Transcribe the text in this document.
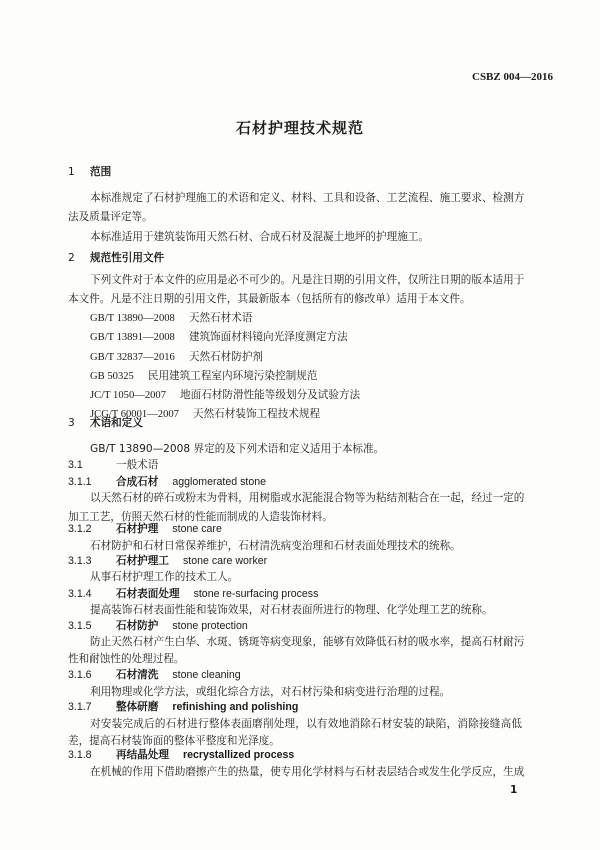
CSBZ 004—2016
石材护理技术规范
1 范围
本标准规定了石材护理施工的术语和定义、材料、工具和设备、工艺流程、施工要求、检测方
法及质量评定等。
本标准适用于建筑装饰用天然石材、合成石材及混凝土地坪的护理施工。
2 规范性引用文件
下列文件对于本文件的应用是必不可少的。凡是注日期的引用文件，仅所注日期的版本适用于
本文件。凡是不注日期的引用文件，其最新版本（包括所有的修改单）适用于本文件。
GB/T 13890—2008 天然石材术语
GB/T 13891—2008 建筑饰面材料镜向光泽度测定方法
GB/T 32837—2016 天然石材防护剂
GB 50325 民用建筑工程室内环境污染控制规范
JC/T 1050—2007 地面石材防滑性能等级划分及试验方法
JCG/T 60001—2007 天然石材装饰工程技术规程
3 术语和定义
GB/T 13890—2008 界定的及下列术语和定义适用于本标准。
3.1	一般术语
3.1.1 合成石材 agglomerated stone
以天然石材的碎石或粉末为骨料，用树脂或水泥能混合物等为粘结剂粘合在一起，经过一定的
加工工艺，仿照天然石材的性能而制成的人造装饰材料。
3.1.2 石材护理 stone care
石材防护和石材日常保养维护，石材清洗病变治理和石材表面处理技术的统称。
3.1.3 石材护理工 stone care worker
从事石材护理工作的技术工人。
3.1.4 石材表面处理 stone re-surfacing process
提高装饰石材表面性能和装饰效果，对石材表面所进行的物理、化学处理工艺的统称。
3.1.5 石材防护 stone protection
防止天然石材产生白华、水斑、锈斑等病变现象，能够有效降低石材的吸水率，提高石材耐污
性和耐蚀性的处理过程。
3.1.6 石材清洗 stone cleaning
利用物理或化学方法，或组化综合方法，对石材污染和病变进行治理的过程。
3.1.7 整体研磨 refinishing and polishing
对安装完成后的石材进行整体表面磨削处理，以有效地消除石材安装的缺陷，消除接缝高低
差，提高石材装饰面的整体平整度和光泽度。
3.1.8 再结晶处理 recrystallized process
在机械的作用下借助磨擦产生的热量，使专用化学材料与石材表层结合或发生化学反应，生成
1
